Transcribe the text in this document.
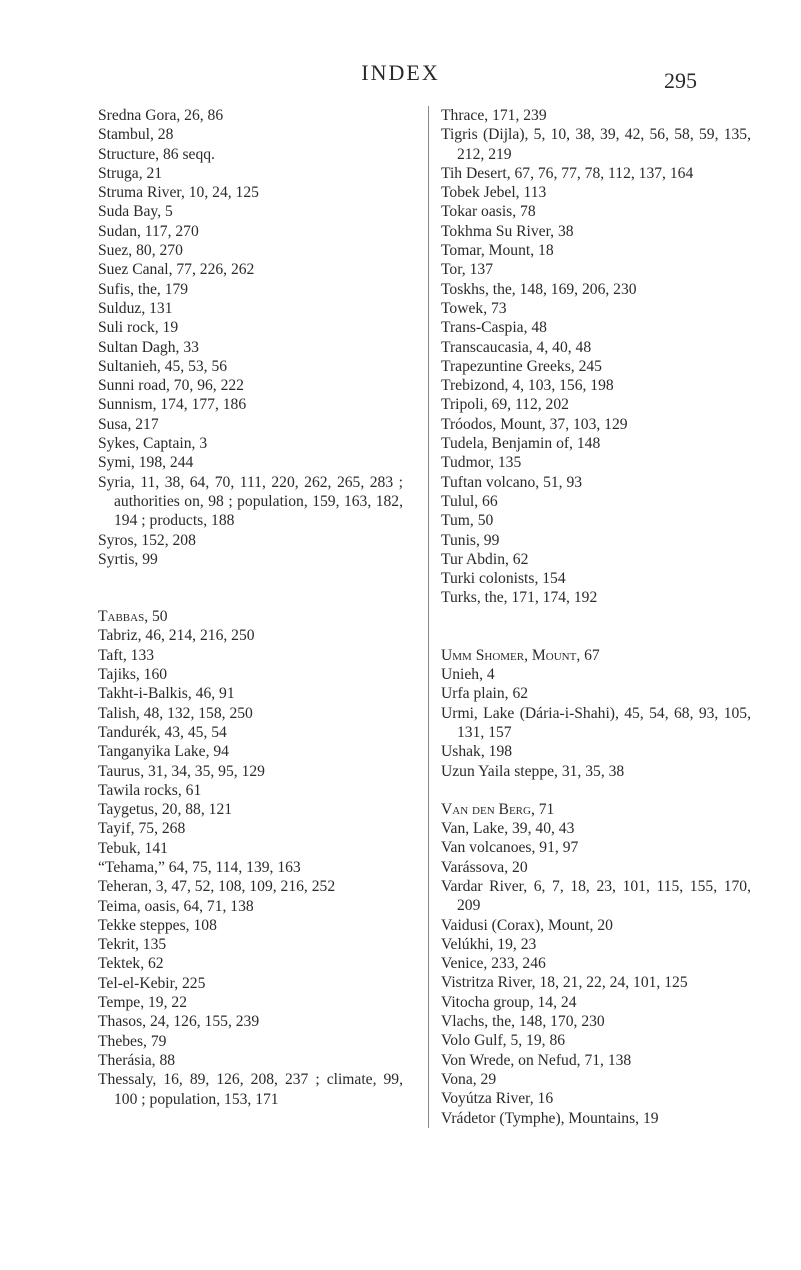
INDEX	295
Sredna Gora, 26, 86
Stambul, 28
Structure, 86 seqq.
Struga, 21
Struma River, 10, 24, 125
Suda Bay, 5
Sudan, 117, 270
Suez, 80, 270
Suez Canal, 77, 226, 262
Sufis, the, 179
Sulduz, 131
Suli rock, 19
Sultan Dagh, 33
Sultanieh, 45, 53, 56
Sunni road, 70, 96, 222
Sunnism, 174, 177, 186
Susa, 217
Sykes, Captain, 3
Symi, 198, 244
Syria, 11, 38, 64, 70, 111, 220, 262, 265, 283 ; authorities on, 98 ; population, 159, 163, 182, 194 ; products, 188
Syros, 152, 208
Syrtis, 99
Tabbas, 50
Tabriz, 46, 214, 216, 250
Taft, 133
Tajiks, 160
Takht-i-Balkis, 46, 91
Talish, 48, 132, 158, 250
Tandurék, 43, 45, 54
Tanganyika Lake, 94
Taurus, 31, 34, 35, 95, 129
Tawila rocks, 61
Taygetus, 20, 88, 121
Tayif, 75, 268
Tebuk, 141
“Tehama,” 64, 75, 114, 139, 163
Teheran, 3, 47, 52, 108, 109, 216, 252
Teima, oasis, 64, 71, 138
Tekke steppes, 108
Tekrit, 135
Tektek, 62
Tel-el-Kebir, 225
Tempe, 19, 22
Thasos, 24, 126, 155, 239
Thebes, 79
Therásia, 88
Thessaly, 16, 89, 126, 208, 237 ; climate, 99, 100 ; population, 153, 171
Thrace, 171, 239
Tigris (Dijla), 5, 10, 38, 39, 42, 56, 58, 59, 135, 212, 219
Tih Desert, 67, 76, 77, 78, 112, 137, 164
Tobek Jebel, 113
Tokar oasis, 78
Tokhma Su River, 38
Tomar, Mount, 18
Tor, 137
Toskhs, the, 148, 169, 206, 230
Towek, 73
Trans-Caspia, 48
Transcaucasia, 4, 40, 48
Trapezuntine Greeks, 245
Trebizond, 4, 103, 156, 198
Tripoli, 69, 112, 202
Tróodos, Mount, 37, 103, 129
Tudela, Benjamin of, 148
Tudmor, 135
Tuftan volcano, 51, 93
Tulul, 66
Tum, 50
Tunis, 99
Tur Abdin, 62
Turki colonists, 154
Turks, the, 171, 174, 192
Umm Shomer, Mount, 67
Unieh, 4
Urfa plain, 62
Urmi, Lake (Dária-i-Shahi), 45, 54, 68, 93, 105, 131, 157
Ushak, 198
Uzun Yaila steppe, 31, 35, 38
Van den Berg, 71
Van, Lake, 39, 40, 43
Van volcanoes, 91, 97
Varássova, 20
Vardar River, 6, 7, 18, 23, 101, 115, 155, 170, 209
Vaidusi (Corax), Mount, 20
Velúkhi, 19, 23
Venice, 233, 246
Vistritza River, 18, 21, 22, 24, 101, 125
Vitocha group, 14, 24
Vlachs, the, 148, 170, 230
Volo Gulf, 5, 19, 86
Von Wrede, on Nefud, 71, 138
Vona, 29
Voyútza River, 16
Vrádetor (Tymphe), Mountains, 19
